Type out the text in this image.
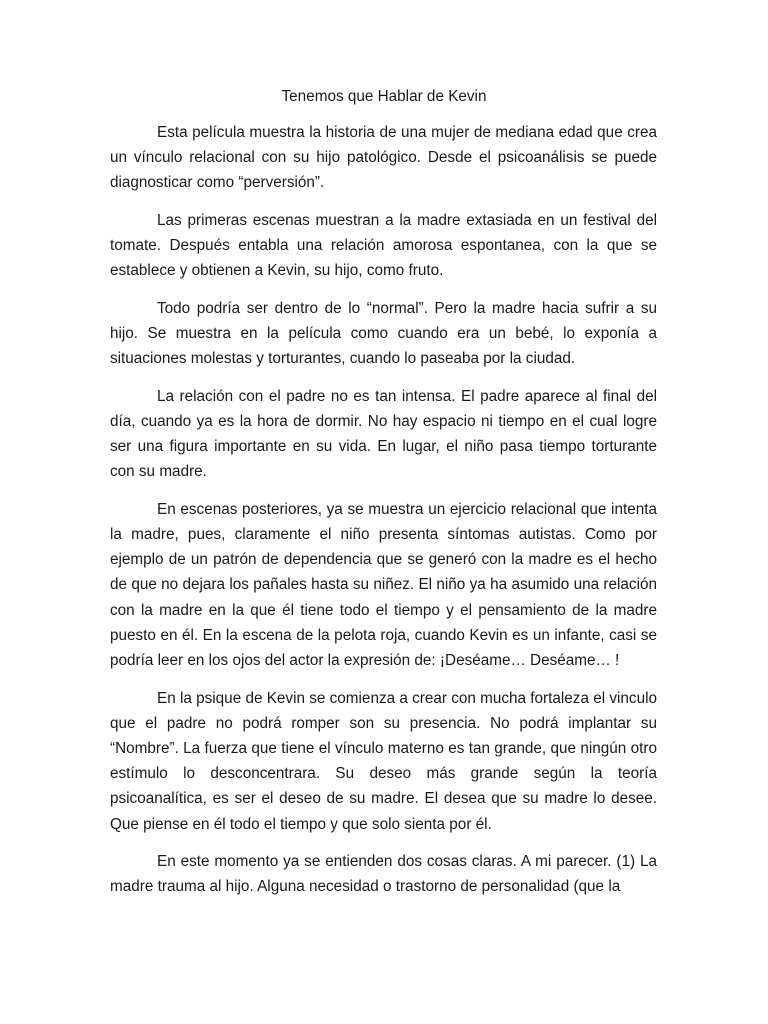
Tenemos que Hablar de Kevin

Esta película muestra la historia de una mujer de mediana edad que crea un vínculo relacional con su hijo patológico. Desde el psicoanálisis se puede diagnosticar como “perversión”.

Las primeras escenas muestran a la madre extasiada en un festival del tomate. Después entabla una relación amorosa espontanea, con la que se establece y obtienen a Kevin, su hijo, como fruto.

Todo podría ser dentro de lo “normal”. Pero la madre hacia sufrir a su hijo. Se muestra en la película como cuando era un bebé, lo exponía a situaciones molestas y torturantes, cuando lo paseaba por la ciudad.

La relación con el padre no es tan intensa. El padre aparece al final del día, cuando ya es la hora de dormir. No hay espacio ni tiempo en el cual logre ser una figura importante en su vida. En lugar, el niño pasa tiempo torturante con su madre.

En escenas posteriores, ya se muestra un ejercicio relacional que intenta la madre, pues, claramente el niño presenta síntomas autistas. Como por ejemplo de un patrón de dependencia que se generó con la madre es el hecho de que no dejara los pañales hasta su niñez. El niño ya ha asumido una relación con la madre en la que él tiene todo el tiempo y el pensamiento de la madre puesto en él. En la escena de la pelota roja, cuando Kevin es un infante, casi se podría leer en los ojos del actor la expresión de: ¡Deséame… Deséame… !

En la psique de Kevin se comienza a crear con mucha fortaleza el vinculo que el padre no podrá romper son su presencia. No podrá implantar su “Nombre”. La fuerza que tiene el vínculo materno es tan grande, que ningún otro estímulo lo desconcentrara. Su deseo más grande según la teoría psicoanalítica, es ser el deseo de su madre. El desea que su madre lo desee. Que piense en él todo el tiempo y que solo sienta por él.

En este momento ya se entienden dos cosas claras. A mi parecer. (1) La madre trauma al hijo. Alguna necesidad o trastorno de personalidad (que la
